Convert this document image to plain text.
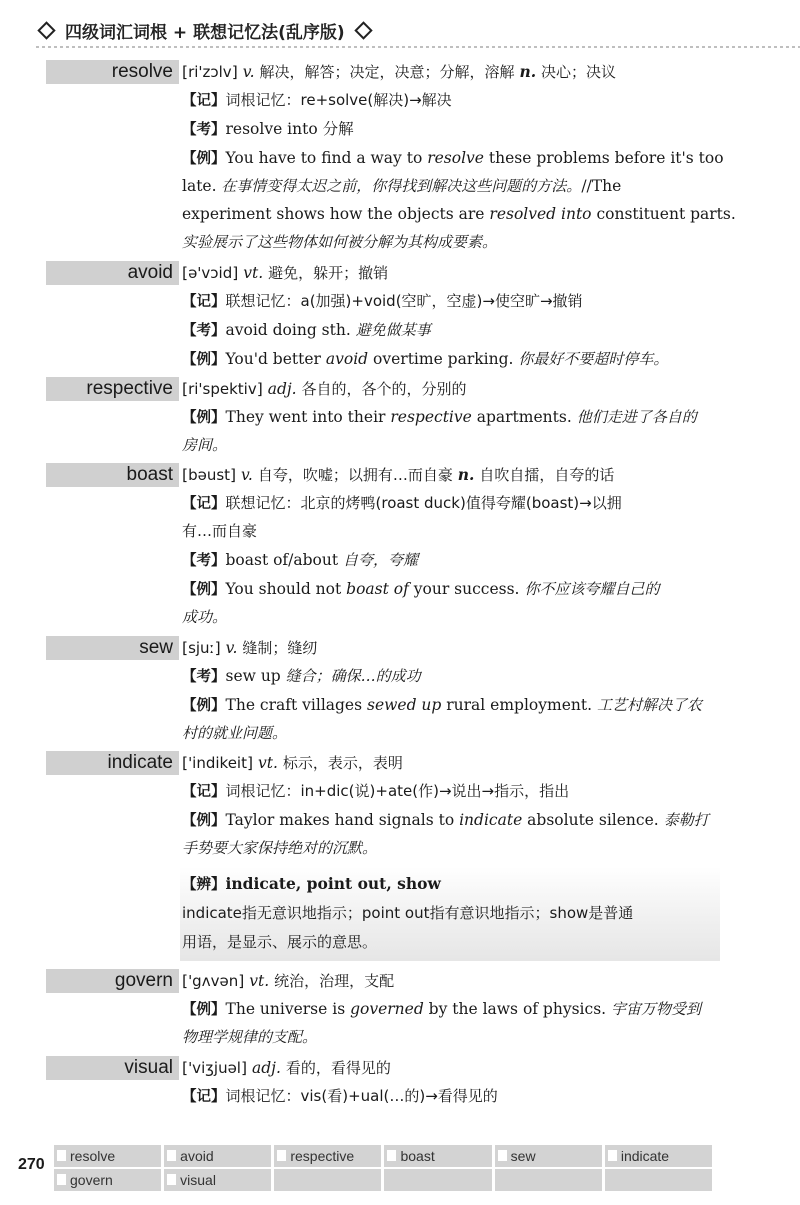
四级词汇词根 + 联想记忆法(乱序版)
resolve [ri'zɔlv] v. 解决，解答；决定，决意；分解，溶解 n. 决心；决议
【记】词根记忆：re+solve(解决)→解决
【考】resolve into 分解
【例】You have to find a way to resolve these problems before it's too
late. 在事情变得太迟之前，你得找到解决这些问题的方法。//The
experiment shows how the objects are resolved into constituent parts.
实验展示了这些物体如何被分解为其构成要素。
avoid [ə'vɔid] vt. 避免，躲开；撤销
【记】联想记忆：a(加强)+void(空旷，空虚)→使空旷→撤销
【考】avoid doing sth. 避免做某事
【例】You'd better avoid overtime parking. 你最好不要超时停车。
respective [ri'spektiv] adj. 各自的，各个的，分别的
【例】They went into their respective apartments. 他们走进了各自的
房间。
boast [bəust] v. 自夸，吹嘘；以拥有…而自豪 n. 自吹自擂，自夸的话
【记】联想记忆：北京的烤鸭(roast duck)值得夸耀(boast)→以拥
有…而自豪
【考】boast of/about 自夸，夸耀
【例】You should not boast of your success. 你不应该夸耀自己的
成功。
sew [sjuː] v. 缝制；缝纫
【考】sew up 缝合；确保…的成功
【例】The craft villages sewed up rural employment. 工艺村解决了农
村的就业问题。
indicate ['indikeit] vt. 标示，表示，表明
【记】词根记忆：in+dic(说)+ate(作)→说出→指示，指出
【例】Taylor makes hand signals to indicate absolute silence. 泰勒打
手势要大家保持绝对的沉默。
【辨】indicate, point out, show
indicate指无意识地指示；point out指有意识地指示；show是普通
用语，是显示、展示的意思。
govern ['gʌvən] vt. 统治，治理，支配
【例】The universe is governed by the laws of physics. 宇宙万物受到
物理学规律的支配。
visual ['viʒjuəl] adj. 看的，看得见的
【记】词根记忆：vis(看)+ual(…的)→看得见的
270	resolve	avoid	respective	boast	sew	indicate
govern	visual
